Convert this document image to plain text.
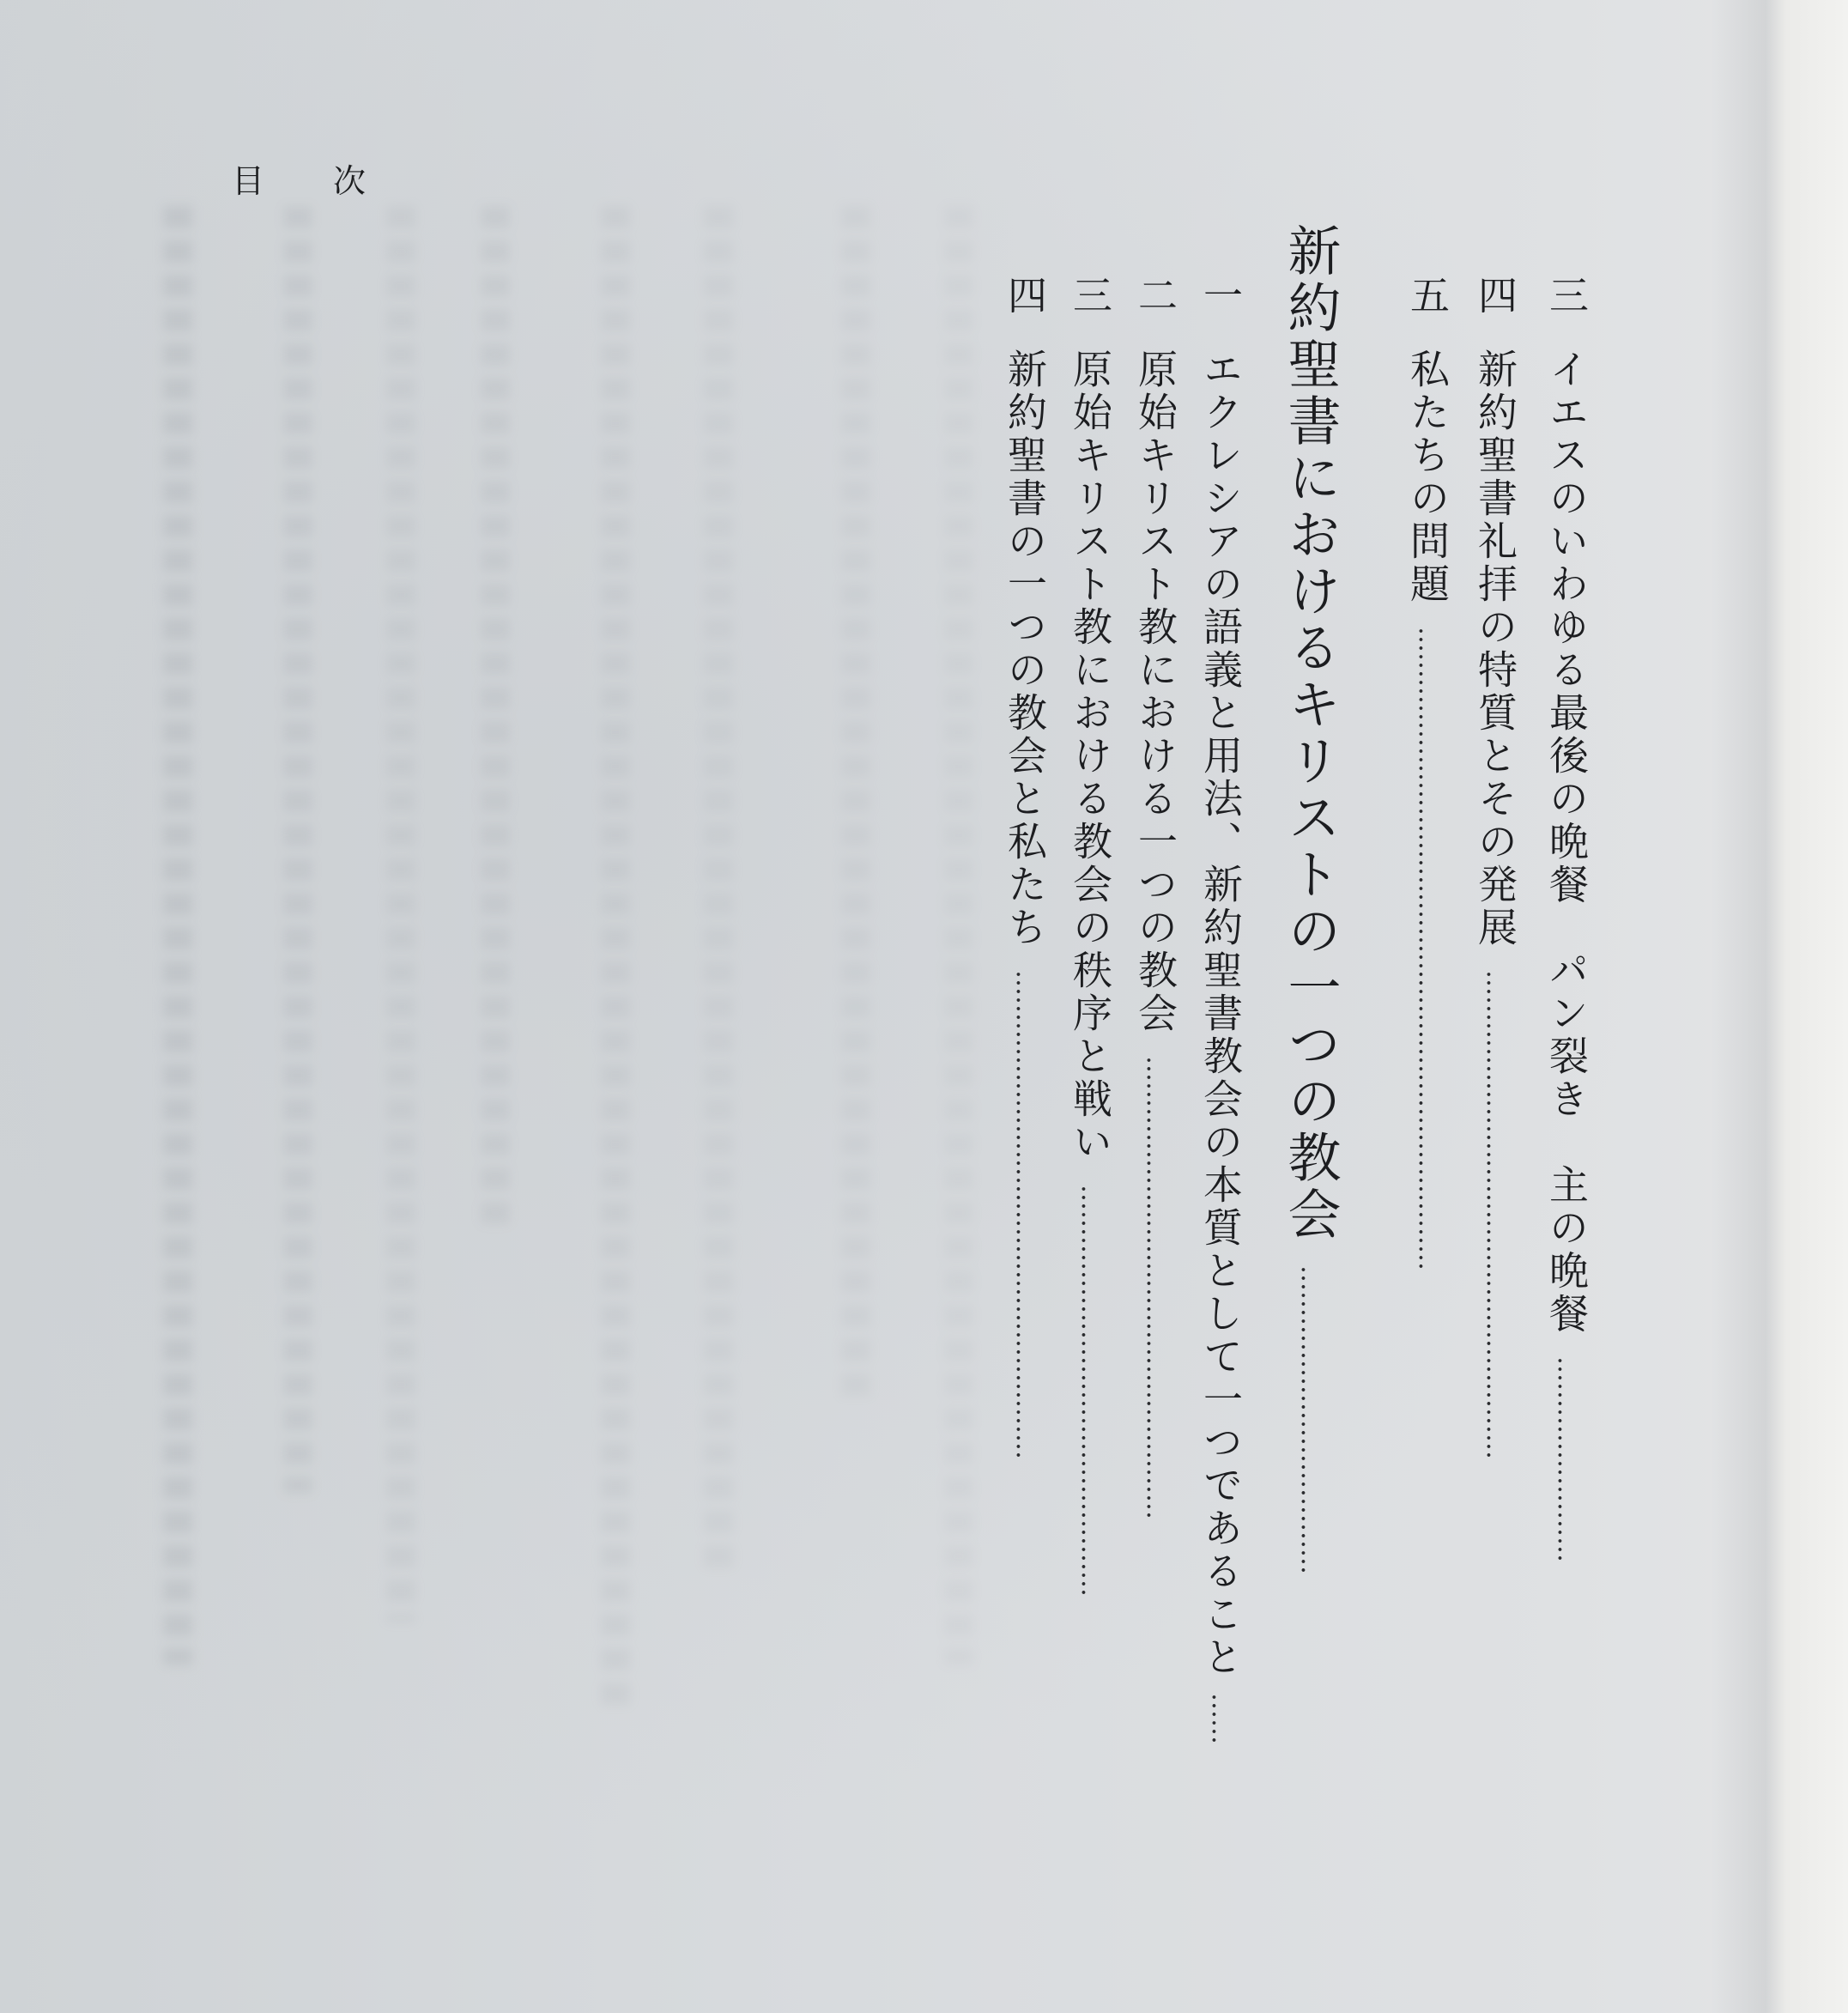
目 次
三イエスのいわゆる最後の晩餐　パン裂き　主の晩餐……………………
四新約聖書礼拝の特質とその発展…………………………………………………
五私たちの問題…………………………………………………………………
新約聖書におけるキリストの一つの教会………………………………
一エクレシアの語義と用法、新約聖書教会の本質として一つであること……
二原始キリスト教における一つの教会………………………………………………
三原始キリスト教における教会の秩序と戦い…………………………………………
四新約聖書の一つの教会と私たち…………………………………………………
